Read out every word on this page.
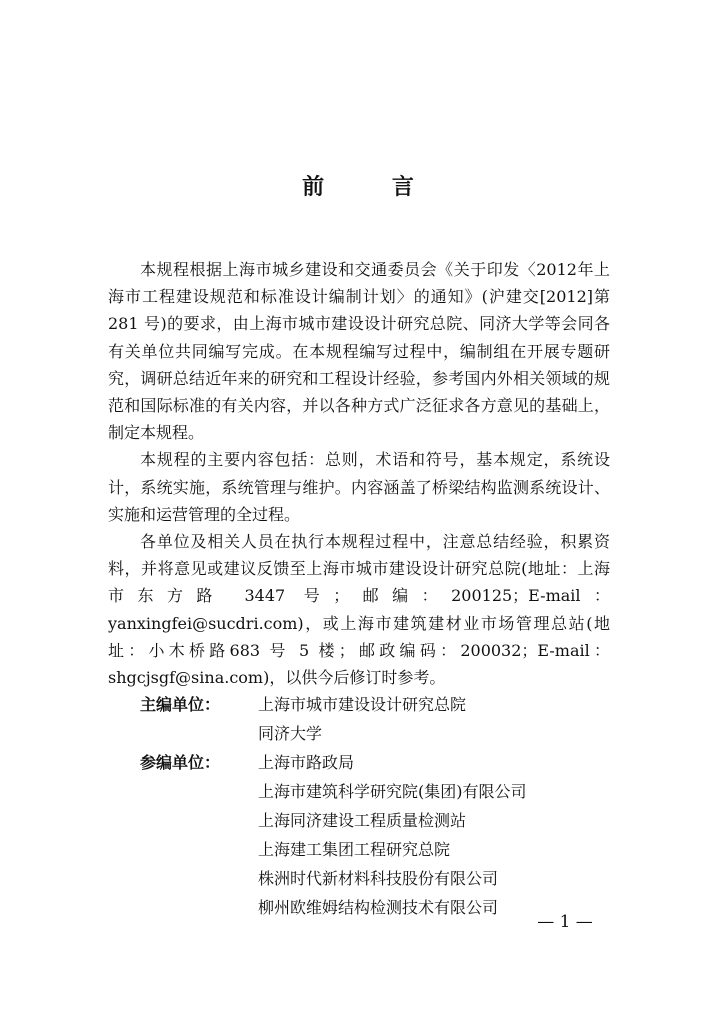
前 言

本规程根据上海市城乡建设和交通委员会《关于印发〈2012年上海市工程建设规范和标准设计编制计划〉的通知》(沪建交[2012]第 281 号)的要求，由上海市城市建设设计研究总院、同济大学等会同各有关单位共同编写完成。在本规程编写过程中，编制组在开展专题研究，调研总结近年来的研究和工程设计经验，参考国内外相关领域的规范和国际标准的有关内容，并以各种方式广泛征求各方意见的基础上，制定本规程。

本规程的主要内容包括：总则，术语和符号，基本规定，系统设计，系统实施，系统管理与维护。内容涵盖了桥梁结构监测系统设计、实施和运营管理的全过程。

各单位及相关人员在执行本规程过程中，注意总结经验，积累资料，并将意见或建议反馈至上海市城市建设设计研究总院(地址：上海市东方路 3447 号；邮编：200125；E-mail：yanxingfei@sucdri.com)，或上海市建筑建材业市场管理总站(地址：小木桥路683 号 5 楼；邮政编码：200032；E-mail：shgcjsgf@sina.com)，以供今后修订时参考。

主编单位：	上海市城市建设设计研究总院
同济大学
参编单位：	上海市路政局
上海市建筑科学研究院(集团)有限公司
上海同济建设工程质量检测站
上海建工集团工程研究总院
株洲时代新材料科技股份有限公司
柳州欧维姆结构检测技术有限公司
— 1 —
